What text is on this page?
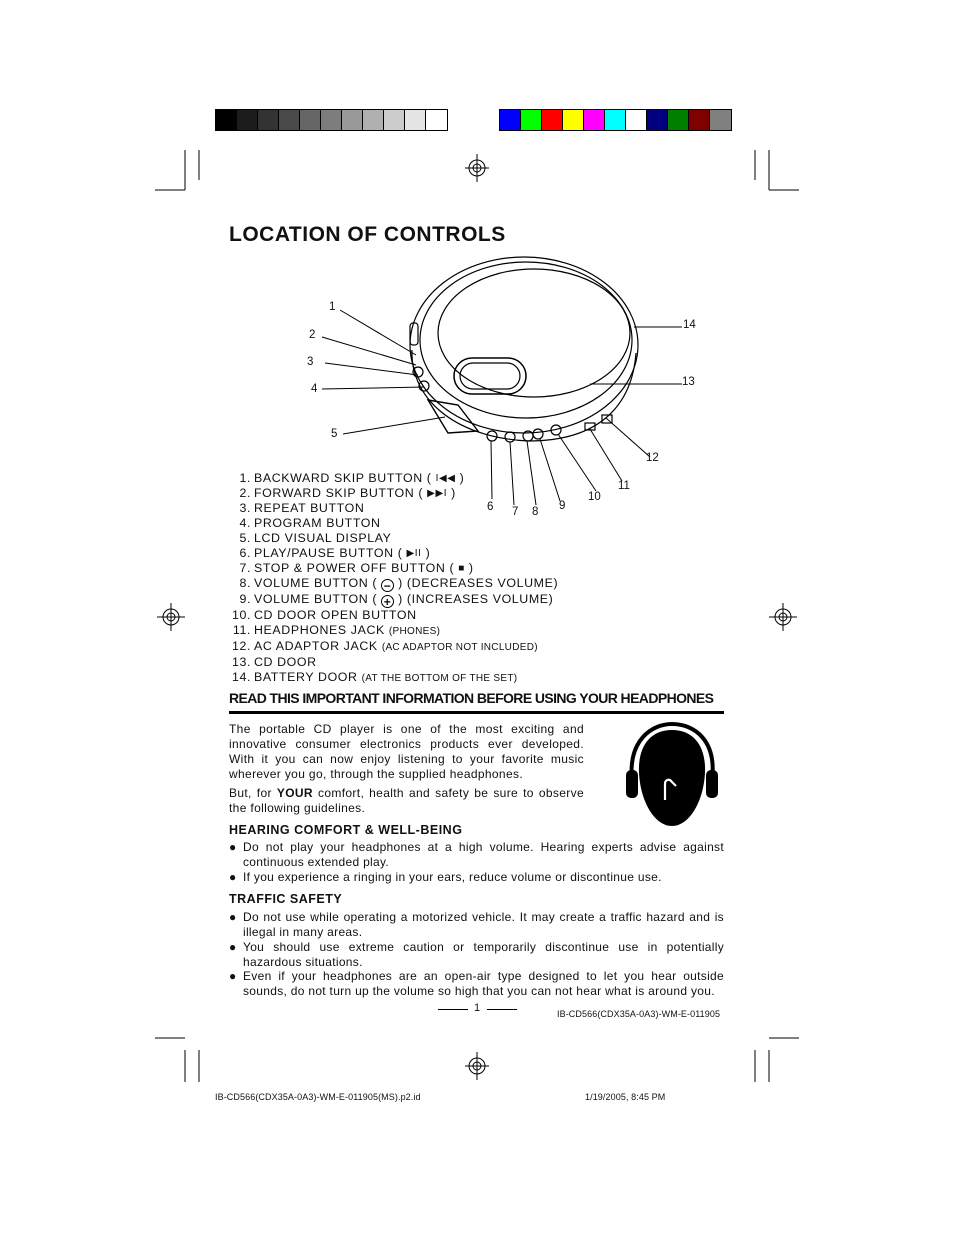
LOCATION OF CONTROLS
1
2
3
4
5
6 7 8 9
10
11
12
13
14
1. BACKWARD SKIP BUTTON ( I◀◀ )
2. FORWARD SKIP BUTTON ( ▶▶I )
3. REPEAT BUTTON
4. PROGRAM BUTTON
5. LCD VISUAL DISPLAY
6. PLAY/PAUSE BUTTON ( ▶II )
7. STOP & POWER OFF BUTTON ( ■ )
8. VOLUME BUTTON ( − ) (DECREASES VOLUME)
9. VOLUME BUTTON ( + ) (INCREASES VOLUME)
10. CD DOOR OPEN BUTTON
11. HEADPHONES JACK (PHONES)
12. AC ADAPTOR JACK (AC ADAPTOR NOT INCLUDED)
13. CD DOOR
14. BATTERY DOOR (AT THE BOTTOM OF THE SET)
READ THIS IMPORTANT INFORMATION BEFORE USING YOUR HEADPHONES
The portable CD player is one of the most exciting and innovative consumer electronics products ever developed. With it you can now enjoy listening to your favorite music wherever you go, through the supplied headphones.
But, for YOUR comfort, health and safety be sure to observe the following guidelines.
HEARING COMFORT & WELL-BEING
● Do not play your headphones at a high volume. Hearing experts advise against continuous extended play.
● If you experience a ringing in your ears, reduce volume or discontinue use.
TRAFFIC SAFETY
● Do not use while operating a motorized vehicle. It may create a traffic hazard and is illegal in many areas.
● You should use extreme caution or temporarily discontinue use in potentially hazardous situations.
● Even if your headphones are an open-air type designed to let you hear outside sounds, do not turn up the volume so high that you can not hear what is around you.
1	IB-CD566(CDX35A-0A3)-WM-E-011905
IB-CD566(CDX35A-0A3)-WM-E-011905(MS).p2.id	1/19/2005, 8:45 PM
